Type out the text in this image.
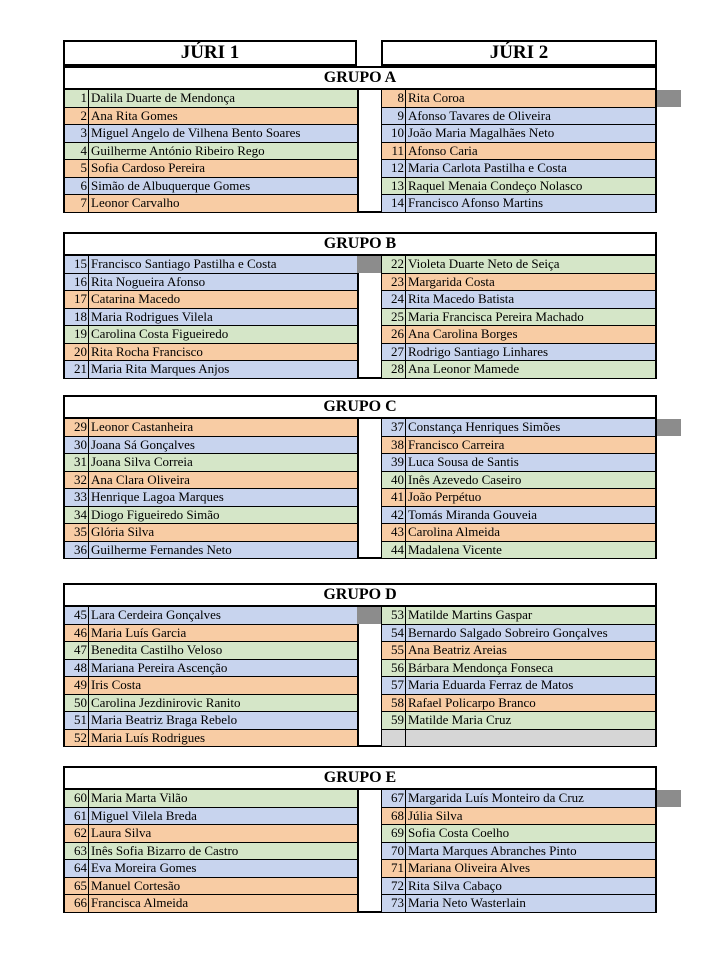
JÚRI 1	JÚRI 2
GRUPO A
1 Dalila Duarte de Mendonça
2 Ana Rita Gomes
3 Miguel Angelo de Vilhena Bento Soares
4 Guilherme António Ribeiro Rego
5 Sofia Cardoso Pereira
6 Simão de Albuquerque Gomes
7 Leonor Carvalho
8 Rita Coroa
9 Afonso Tavares de Oliveira
10 João Maria Magalhães Neto
11 Afonso Caria
12 Maria Carlota Pastilha e Costa
13 Raquel Menaia Condeço Nolasco
14 Francisco Afonso Martins
GRUPO B
15 Francisco Santiago Pastilha e Costa
16 Rita Nogueira Afonso
17 Catarina Macedo
18 Maria Rodrigues Vilela
19 Carolina Costa Figueiredo
20 Rita Rocha Francisco
21 Maria Rita Marques Anjos
22 Violeta Duarte Neto de Seiça
23 Margarida Costa
24 Rita Macedo Batista
25 Maria Francisca Pereira Machado
26 Ana Carolina Borges
27 Rodrigo Santiago Linhares
28 Ana Leonor Mamede
GRUPO C
29 Leonor Castanheira
30 Joana Sá Gonçalves
31 Joana Silva Correia
32 Ana Clara Oliveira
33 Henrique Lagoa Marques
34 Diogo Figueiredo Simão
35 Glória Silva
36 Guilherme Fernandes Neto
37 Constança Henriques Simões
38 Francisco Carreira
39 Luca Sousa de Santis
40 Inês Azevedo Caseiro
41 João Perpétuo
42 Tomás Miranda Gouveia
43 Carolina Almeida
44 Madalena Vicente
GRUPO D
45 Lara Cerdeira Gonçalves
46 Maria Luís Garcia
47 Benedita Castilho Veloso
48 Mariana Pereira Ascenção
49 Iris Costa
50 Carolina Jezdinirovic Ranito
51 Maria Beatriz Braga Rebelo
52 Maria Luís Rodrigues
53 Matilde Martins Gaspar
54 Bernardo Salgado Sobreiro Gonçalves
55 Ana Beatriz Areias
56 Bárbara Mendonça Fonseca
57 Maria Eduarda Ferraz de Matos
58 Rafael Policarpo Branco
59 Matilde Maria Cruz
GRUPO E
60 Maria Marta Vilão
61 Miguel Vilela Breda
62 Laura Silva
63 Inês Sofia Bizarro de Castro
64 Eva Moreira Gomes
65 Manuel Cortesão
66 Francisca Almeida
67 Margarida Luís Monteiro da Cruz
68 Júlia Silva
69 Sofia Costa Coelho
70 Marta Marques Abranches Pinto
71 Mariana Oliveira Alves
72 Rita Silva Cabaço
73 Maria Neto Wasterlain
